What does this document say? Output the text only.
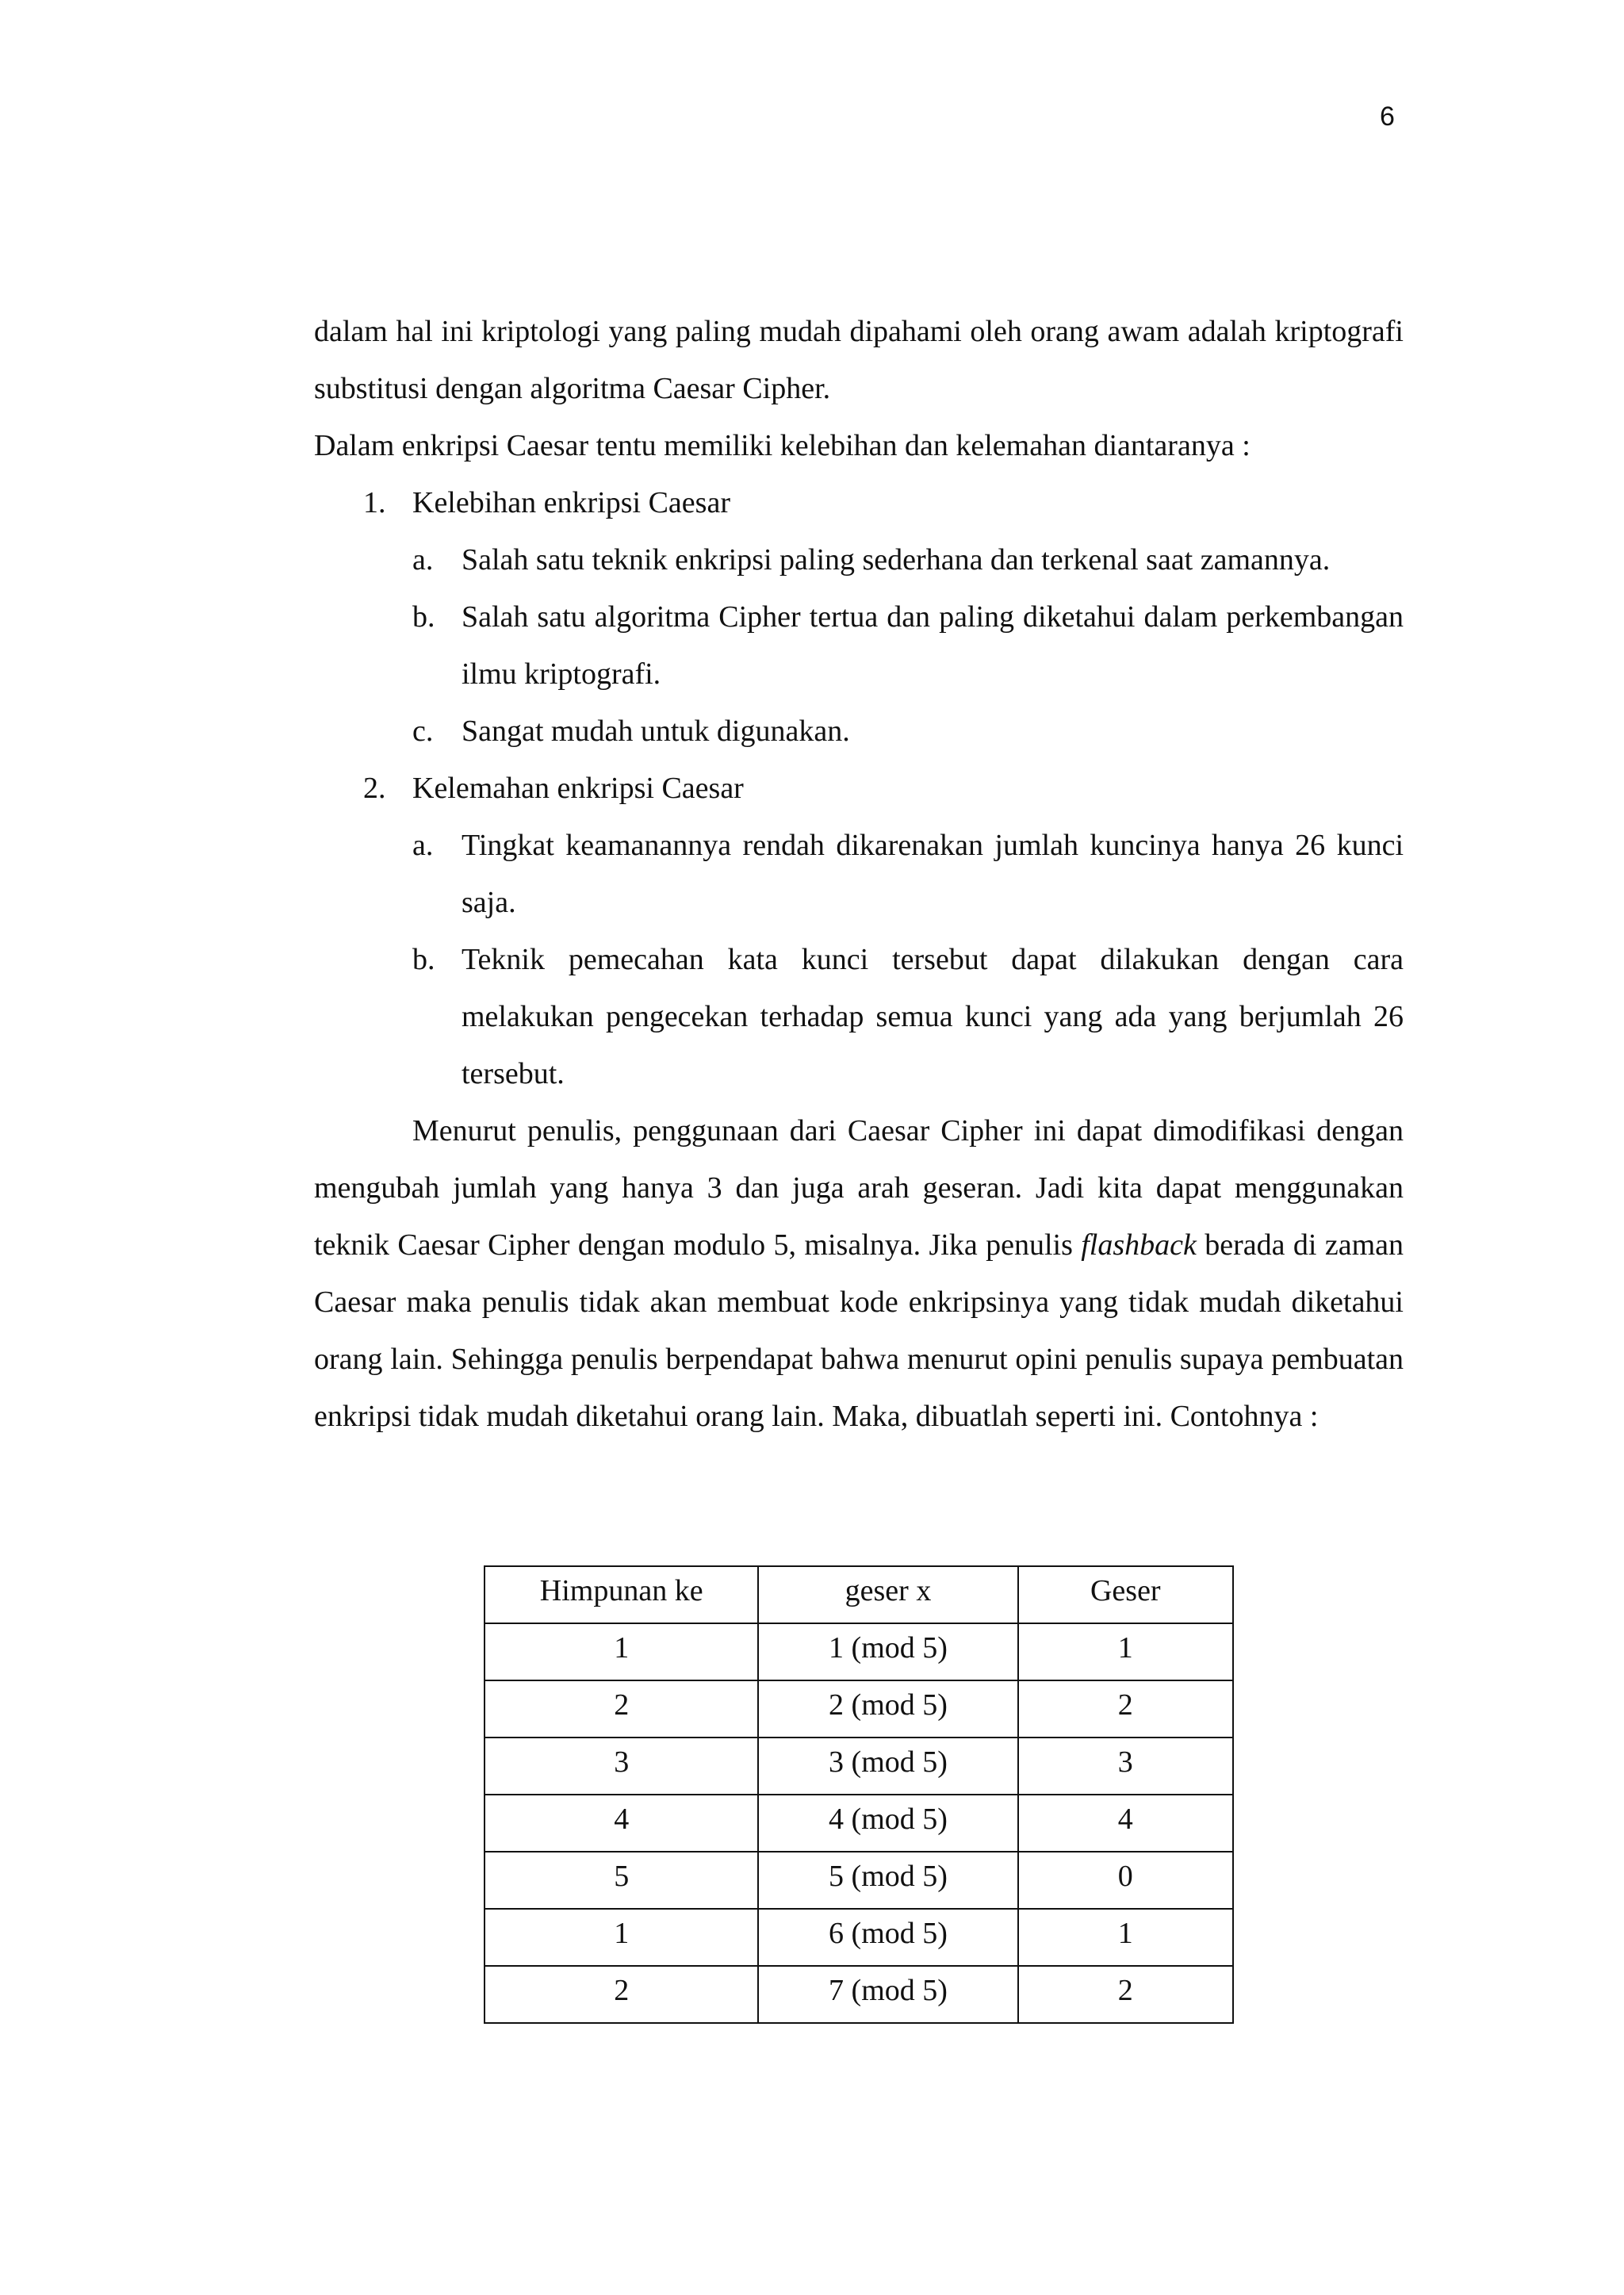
6

dalam hal ini kriptologi yang paling mudah dipahami oleh orang awam adalah kriptografi substitusi dengan algoritma Caesar Cipher.

Dalam enkripsi Caesar tentu memiliki kelebihan dan kelemahan diantaranya :

1. Kelebihan enkripsi Caesar
a. Salah satu teknik enkripsi paling sederhana dan terkenal saat zamannya.
b. Salah satu algoritma Cipher tertua dan paling diketahui dalam perkembangan ilmu kriptografi.
c. Sangat mudah untuk digunakan.
2. Kelemahan enkripsi Caesar
a. Tingkat keamanannya rendah dikarenakan jumlah kuncinya hanya 26 kunci saja.
b. Teknik pemecahan kata kunci tersebut dapat dilakukan dengan cara melakukan pengecekan terhadap semua kunci yang ada yang berjumlah 26 tersebut.

Menurut penulis, penggunaan dari Caesar Cipher ini dapat dimodifikasi dengan mengubah jumlah yang hanya 3 dan juga arah geseran. Jadi kita dapat menggunakan teknik Caesar Cipher dengan modulo 5, misalnya. Jika penulis flashback berada di zaman Caesar maka penulis tidak akan membuat kode enkripsinya yang tidak mudah diketahui orang lain. Sehingga penulis berpendapat bahwa menurut opini penulis supaya pembuatan enkripsi tidak mudah diketahui orang lain. Maka, dibuatlah seperti ini. Contohnya :

Himpunan ke	geser x	Geser
1	1 (mod 5)	1
2	2 (mod 5)	2
3	3 (mod 5)	3
4	4 (mod 5)	4
5	5 (mod 5)	0
1	6 (mod 5)	1
2	7 (mod 5)	2
